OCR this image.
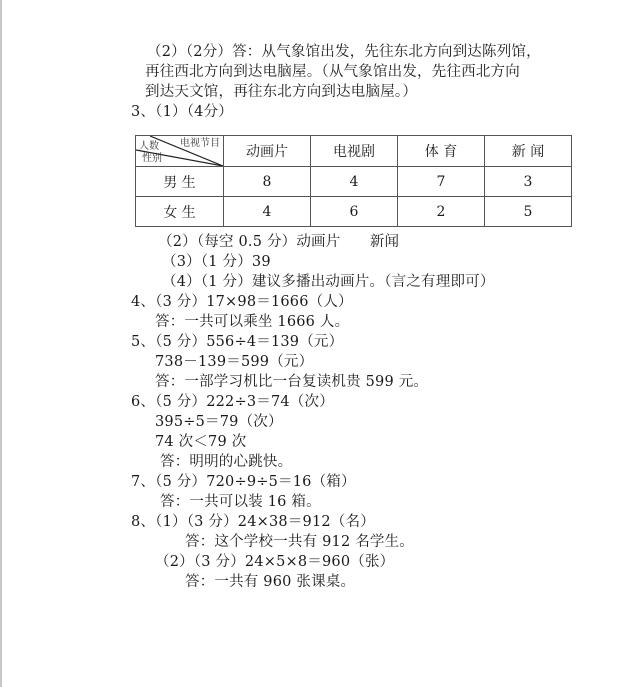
（2）（2分）答：从气象馆出发，先往东北方向到达陈列馆，
再往西北方向到达电脑屋。（从气象馆出发，先往西北方向
到达天文馆，再往东北方向到达电脑屋。）
3、（1）（4分）
电视节目
人数
性别	动画片	电视剧	体 育	新 闻
男 生	8	4	7	3
女 生	4	6	2	5
（2）（每空 0.5 分）动画片　　新闻
（3）（1 分）39
（4）（1 分）建议多播出动画片。（言之有理即可）
4、（3 分）17×98＝1666（人）
答：一共可以乘坐 1666 人。
5、（5 分）556÷4＝139（元）
738－139＝599（元）
答：一部学习机比一台复读机贵 599 元。
6、（5 分）222÷3＝74（次）
395÷5＝79（次）
74 次＜79 次
答：明明的心跳快。
7、（5 分）720÷9÷5＝16（箱）
答：一共可以装 16 箱。
8、（1）（3 分）24×38＝912（名）
答：这个学校一共有 912 名学生。
（2）（3 分）24×5×8＝960（张）
答：一共有 960 张课桌。
